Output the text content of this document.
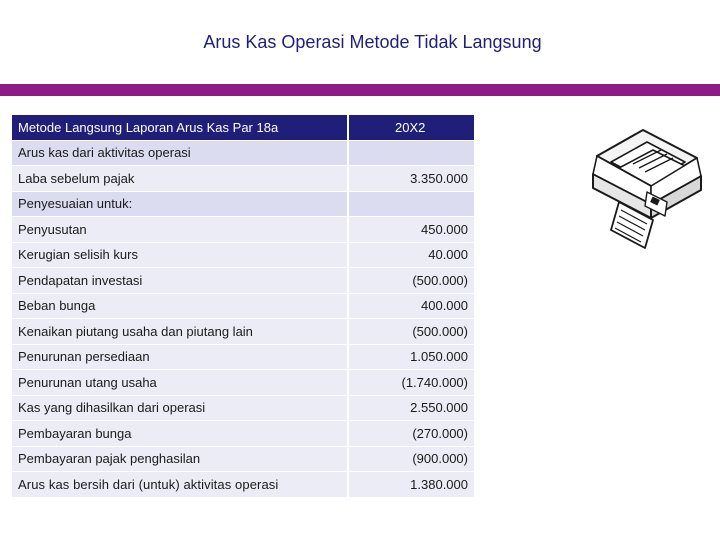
Arus Kas Operasi Metode Tidak Langsung
Metode Langsung Laporan Arus Kas Par 18a	20X2
Arus kas dari aktivitas operasi	
Laba sebelum pajak	3.350.000
Penyesuaian untuk:	
Penyusutan	450.000
Kerugian selisih kurs	40.000
Pendapatan investasi	(500.000)
Beban bunga	400.000
Kenaikan piutang usaha dan piutang lain	(500.000)
Penurunan persediaan	1.050.000
Penurunan utang usaha	(1.740.000)
Kas yang dihasilkan dari operasi	2.550.000
Pembayaran bunga	(270.000)
Pembayaran pajak penghasilan	(900.000)
Arus kas bersih dari (untuk) aktivitas operasi	1.380.000
